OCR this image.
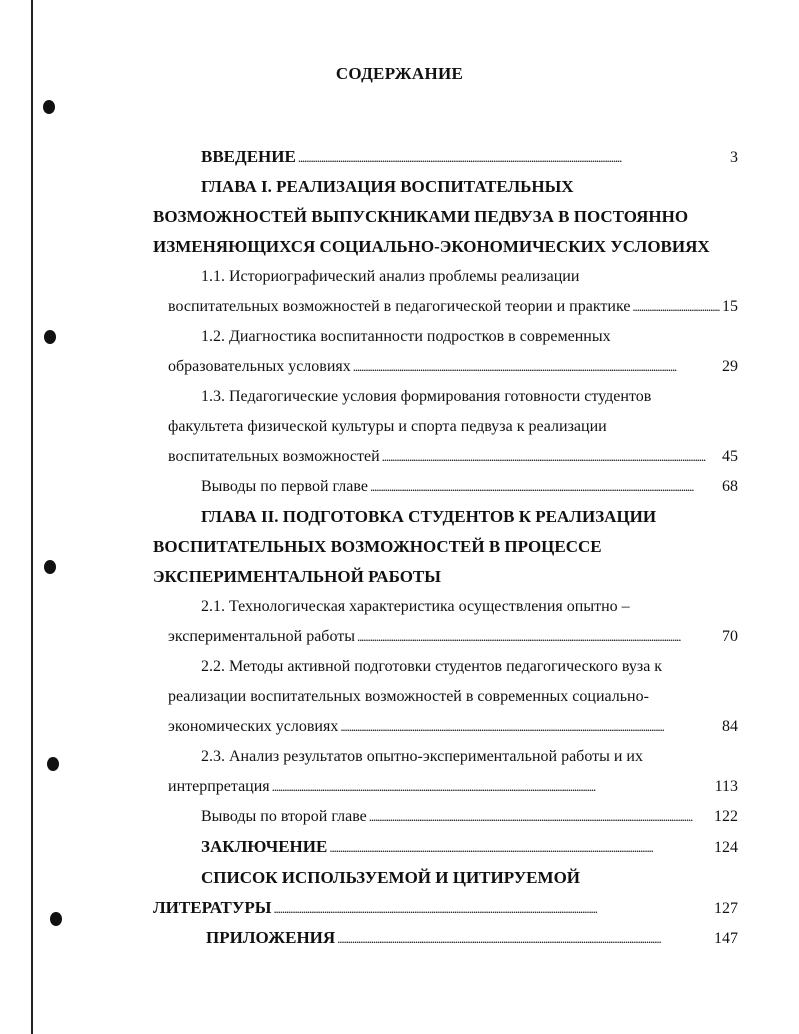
СОДЕРЖАНИЕ
ВВЕДЕНИЕ . . .	3
ГЛАВА I. РЕАЛИЗАЦИЯ ВОСПИТАТЕЛЬНЫХ
ВОЗМОЖНОСТЕЙ ВЫПУСКНИКАМИ ПЕДВУЗА В ПОСТОЯННО
ИЗМЕНЯЮЩИХСЯ СОЦИАЛЬНО-ЭКОНОМИЧЕСКИХ УСЛОВИЯХ
1.1. Историографический анализ проблемы реализации
воспитательных возможностей в педагогической теории и практике . . .	15
1.2. Диагностика воспитанности подростков в современных
образовательных условиях . . .	29
1.3. Педагогические условия формирования готовности студентов
факультета физической культуры и спорта педвуза к реализации
воспитательных возможностей . . .	45
Выводы по первой главе . . .	68
ГЛАВА II. ПОДГОТОВКА СТУДЕНТОВ К РЕАЛИЗАЦИИ
ВОСПИТАТЕЛЬНЫХ ВОЗМОЖНОСТЕЙ В ПРОЦЕССЕ
ЭКСПЕРИМЕНТАЛЬНОЙ РАБОТЫ
2.1. Технологическая характеристика осуществления опытно –
экспериментальной работы . . .	70
2.2. Методы активной подготовки студентов педагогического вуза к
реализации воспитательных возможностей в современных социально-
экономических условиях . . .	84
2.3. Анализ результатов опытно-экспериментальной работы и их
интерпретация . . .	113
Выводы по второй главе . . .	122
ЗАКЛЮЧЕНИЕ . . .	124
СПИСОК ИСПОЛЬЗУЕМОЙ И ЦИТИРУЕМОЙ
ЛИТЕРАТУРЫ . . .	127
ПРИЛОЖЕНИЯ . . .	147
